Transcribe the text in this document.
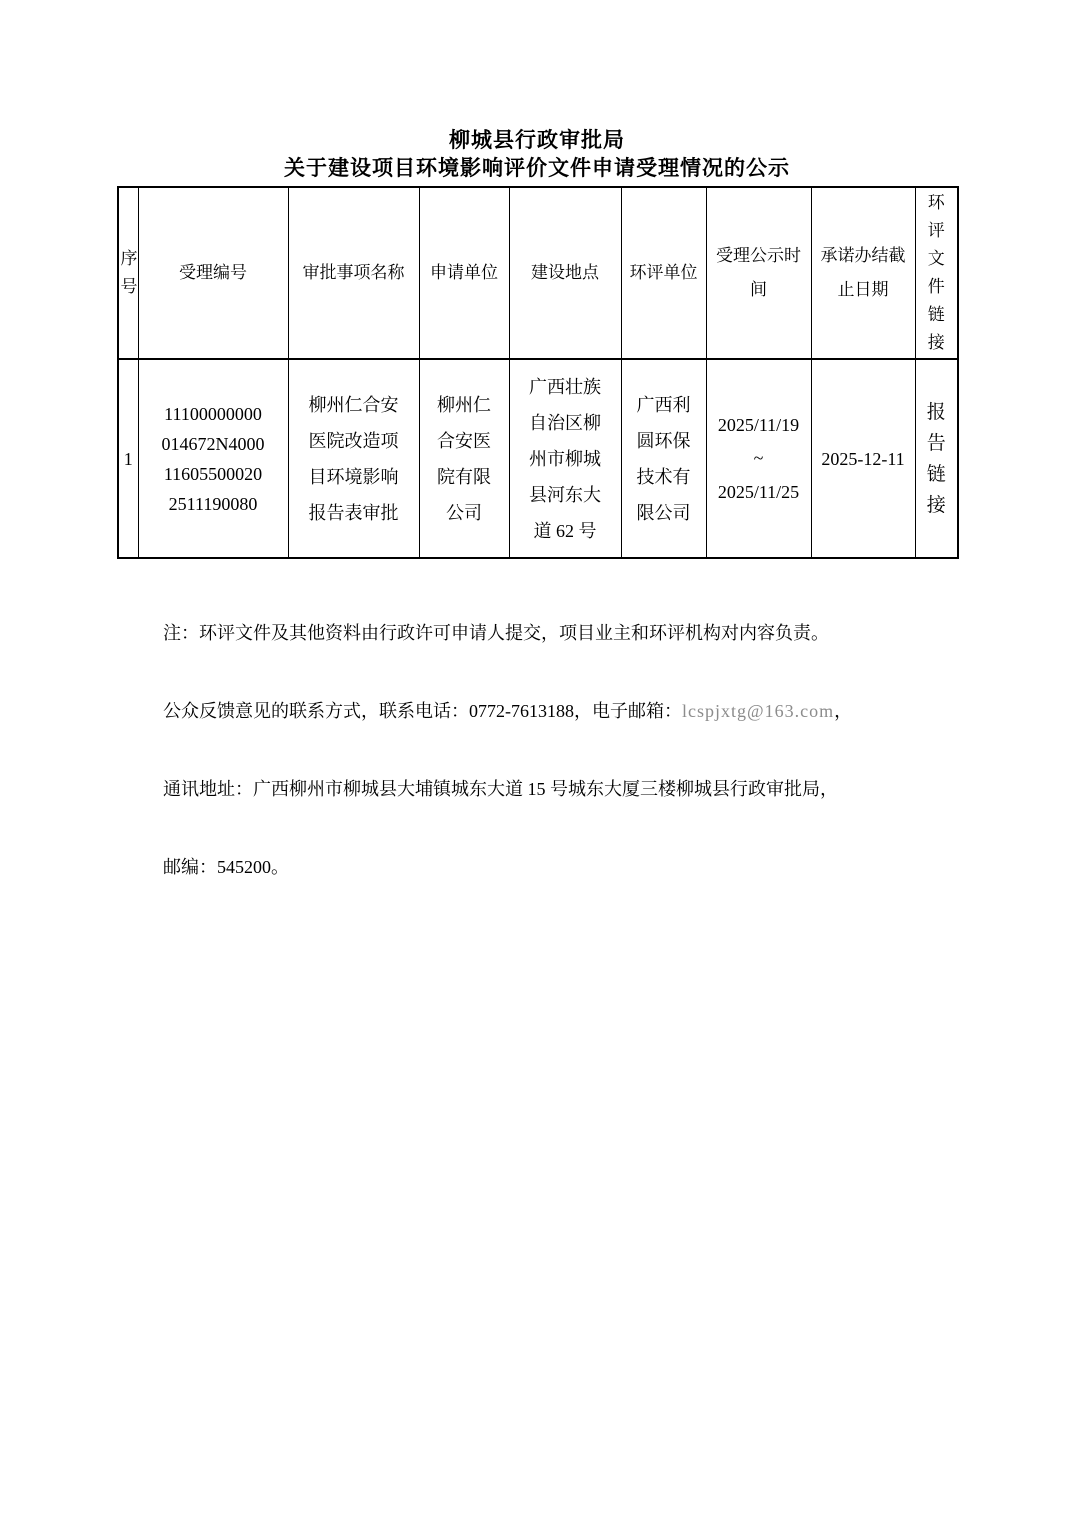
柳城县行政审批局
关于建设项目环境影响评价文件申请受理情况的公示
序号	受理编号	审批事项名称	申请单位	建设地点	环评单位	受理公示时间	承诺办结截止日期	环评文件链接

1	11100000000014672N4000116055000202511190080	柳州仁合安医院改造项目环境影响报告表审批	柳州仁合安医院有限公司	广西壮族自治区柳州市柳城县河东大道 62 号	广西利圆环保技术有限公司	2025/11/19
~
2025/11/25	2025-12-11	报告链接

注：环评文件及其他资料由行政许可申请人提交，项目业主和环评机构对内容负责。

公众反馈意见的联系方式，联系电话：0772-7613188，电子邮箱：lcspjxtg@163.com，

通讯地址：广西柳州市柳城县大埔镇城东大道 15 号城东大厦三楼柳城县行政审批局，

邮编：545200。
